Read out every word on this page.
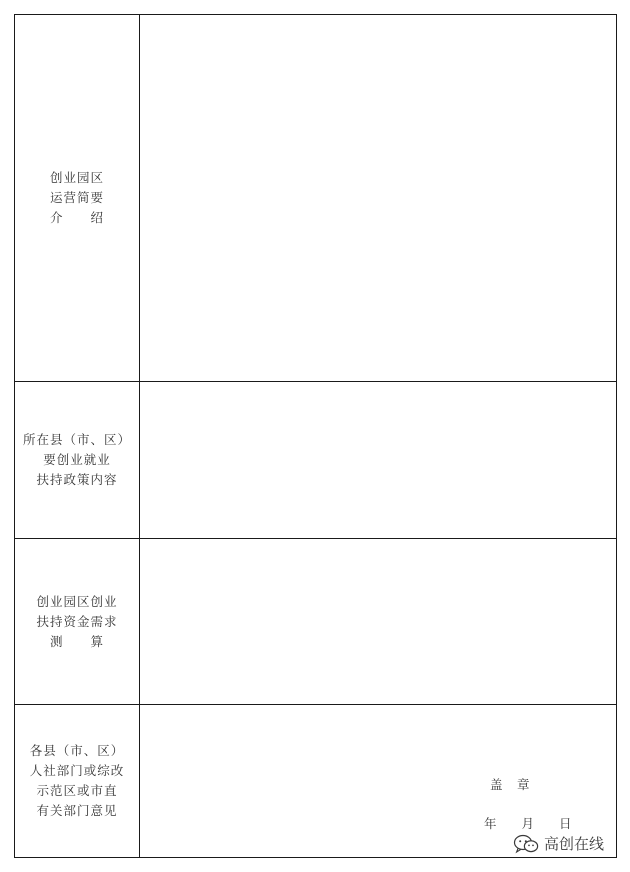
创业园区
运营简要
介　　绍
所在县（市、区）
要创业就业
扶持政策内容
创业园区创业
扶持资金需求
测　　算
各县（市、区）
人社部门或综改
示范区或市直
有关部门意见
盖　章
年　　月　　日
高创在线
